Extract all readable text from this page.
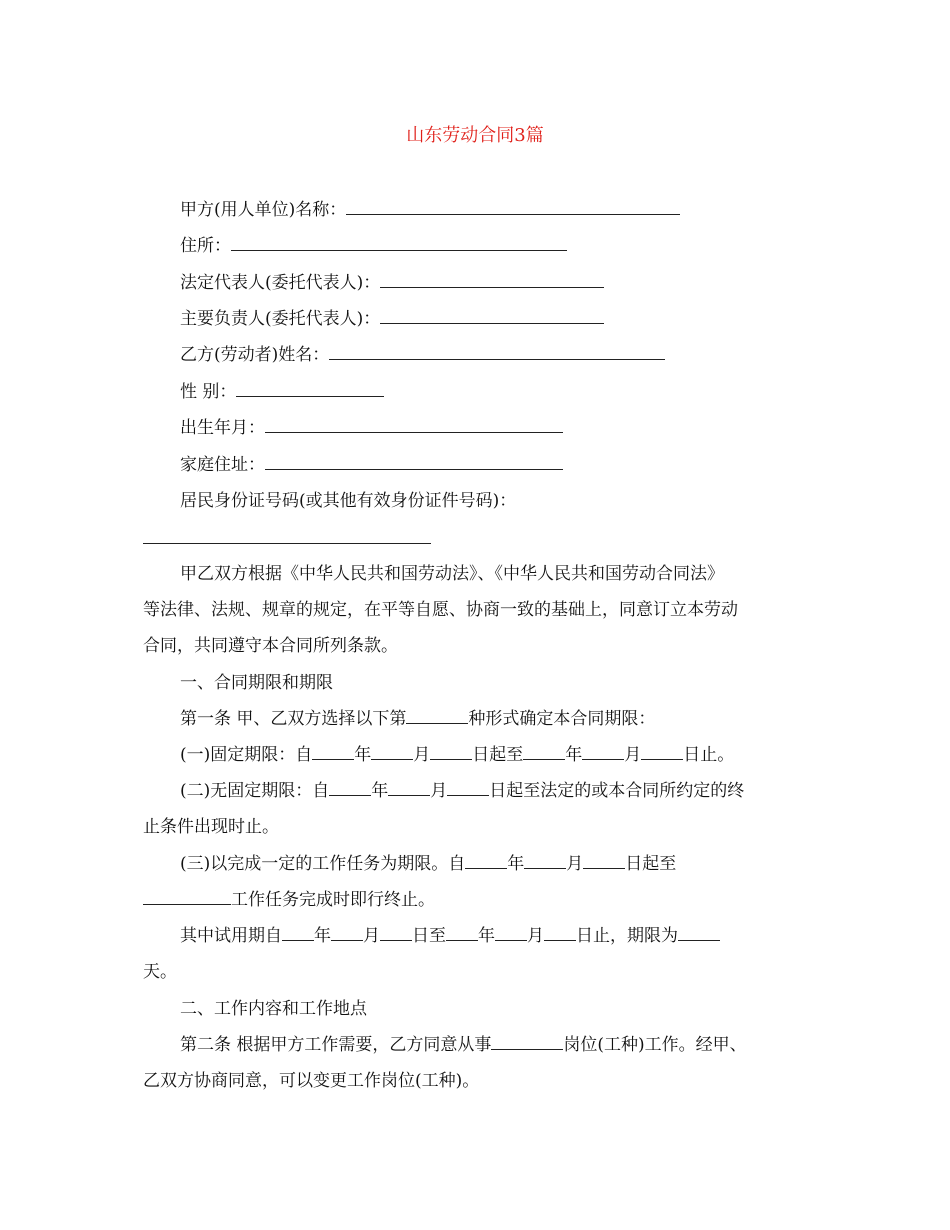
山东劳动合同3篇
甲方(用人单位)名称：
住所：
法定代表人(委托代表人)：
主要负责人(委托代表人)：
乙方(劳动者)姓名：
性 别：
出生年月：
家庭住址：
居民身份证号码(或其他有效身份证件号码)：
甲乙双方根据《中华人民共和国劳动法》、《中华人民共和国劳动合同法》
等法律、法规、规章的规定，在平等自愿、协商一致的基础上，同意订立本劳动
合同，共同遵守本合同所列条款。
一、合同期限和期限
第一条 甲、乙双方选择以下第	种形式确定本合同期限：
(一)固定期限：自 年 月 日起至 年 月 日止。
(二)无固定期限：自 年 月 日起至法定的或本合同所约定的终
止条件出现时止。
(三)以完成一定的工作任务为期限。自 年 月 日起至
工作任务完成时即行终止。
其中试用期自 年 月 日至 年 月 日止，期限为
天。
二、工作内容和工作地点
第二条 根据甲方工作需要，乙方同意从事	岗位(工种)工作。经甲、
乙双方协商同意，可以变更工作岗位(工种)。
